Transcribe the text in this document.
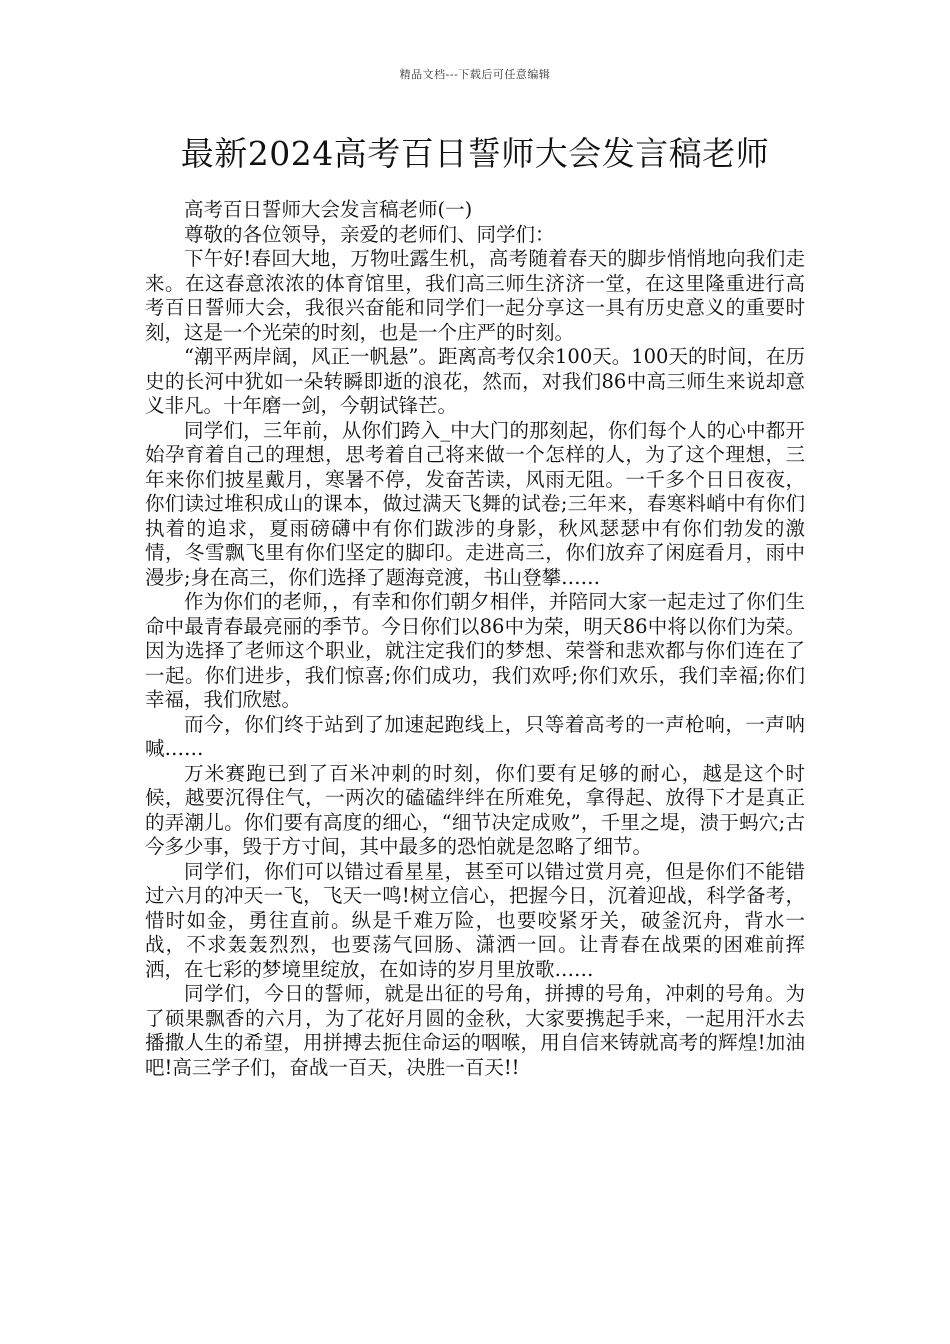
精品文档---下载后可任意编辑
最新2024高考百日誓师大会发言稿老师

高考百日誓师大会发言稿老师(一)

尊敬的各位领导，亲爱的老师们、同学们：

下午好!春回大地，万物吐露生机，高考随着春天的脚步悄悄地向我们走来。在这春意浓浓的体育馆里，我们高三师生济济一堂，在这里隆重进行高考百日誓师大会，我很兴奋能和同学们一起分享这一具有历史意义的重要时刻，这是一个光荣的时刻，也是一个庄严的时刻。

“潮平两岸阔，风正一帆悬”。距离高考仅余100天。100天的时间，在历史的长河中犹如一朵转瞬即逝的浪花，然而，对我们86中高三师生来说却意义非凡。十年磨一剑，今朝试锋芒。

同学们，三年前，从你们跨入_中大门的那刻起，你们每个人的心中都开始孕育着自己的理想，思考着自己将来做一个怎样的人，为了这个理想，三年来你们披星戴月，寒暑不停，发奋苦读，风雨无阻。一千多个日日夜夜，你们读过堆积成山的课本，做过满天飞舞的试卷;三年来，春寒料峭中有你们执着的追求，夏雨磅礴中有你们跋涉的身影，秋风瑟瑟中有你们勃发的激情，冬雪飘飞里有你们坚定的脚印。走进高三，你们放弃了闲庭看月，雨中漫步;身在高三，你们选择了题海竞渡，书山登攀……

作为你们的老师，，有幸和你们朝夕相伴，并陪同大家一起走过了你们生命中最青春最亮丽的季节。今日你们以86中为荣，明天86中将以你们为荣。因为选择了老师这个职业，就注定我们的梦想、荣誉和悲欢都与你们连在了一起。你们进步，我们惊喜;你们成功，我们欢呼;你们欢乐，我们幸福;你们幸福，我们欣慰。

而今，你们终于站到了加速起跑线上，只等着高考的一声枪响，一声呐喊……

万米赛跑已到了百米冲刺的时刻，你们要有足够的耐心，越是这个时候，越要沉得住气，一两次的磕磕绊绊在所难免，拿得起、放得下才是真正的弄潮儿。你们要有高度的细心，“细节决定成败”，千里之堤，溃于蚂穴;古今多少事，毁于方寸间，其中最多的恐怕就是忽略了细节。

同学们，你们可以错过看星星，甚至可以错过赏月亮，但是你们不能错过六月的冲天一飞，飞天一鸣!树立信心，把握今日，沉着迎战，科学备考，惜时如金，勇往直前。纵是千难万险，也要咬紧牙关，破釜沉舟，背水一战，不求轰轰烈烈，也要荡气回肠、潇洒一回。让青春在战栗的困难前挥洒，在七彩的梦境里绽放，在如诗的岁月里放歌……

同学们，今日的誓师，就是出征的号角，拼搏的号角，冲刺的号角。为了硕果飘香的六月，为了花好月圆的金秋，大家要携起手来，一起用汗水去播撒人生的希望，用拼搏去扼住命运的咽喉，用自信来铸就高考的辉煌!加油吧!高三学子们，奋战一百天，决胜一百天!!
